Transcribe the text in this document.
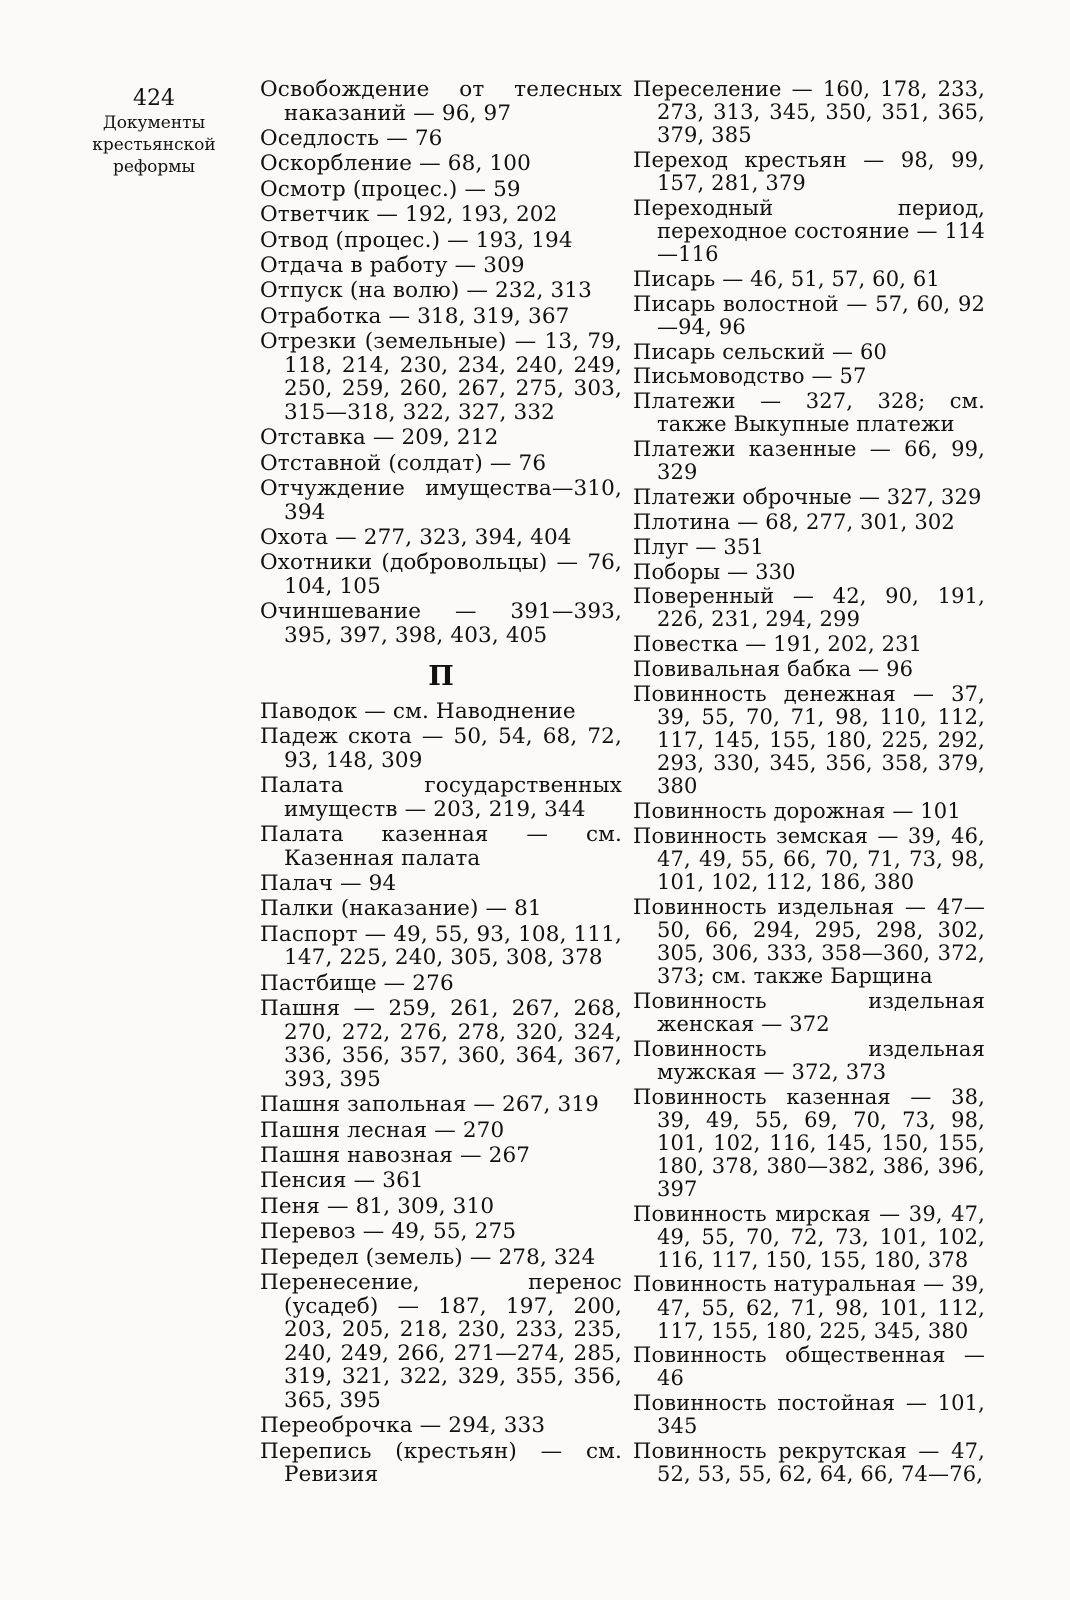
424
Документы
крестьянской
реформы
Освобождение от телесных наказаний — 96, 97
Оседлость — 76
Оскорбление — 68, 100
Осмотр (процес.) — 59
Ответчик — 192, 193, 202
Отвод (процес.) — 193, 194
Отдача в работу — 309
Отпуск (на волю) — 232, 313
Отработка — 318, 319, 367
Отрезки (земельные) — 13, 79, 118, 214, 230, 234, 240, 249, 250, 259, 260, 267, 275, 303, 315—318, 322, 327, 332
Отставка — 209, 212
Отставной (солдат) — 76
Отчуждение имущества—310, 394
Охота — 277, 323, 394, 404
Охотники (добровольцы) — 76, 104, 105
Очиншевание — 391—393, 395, 397, 398, 403, 405
П
Паводок — см. Наводнение
Падеж скота — 50, 54, 68, 72, 93, 148, 309
Палата государственных имуществ — 203, 219, 344
Палата казенная — см. Казенная палата
Палач — 94
Палки (наказание) — 81
Паспорт — 49, 55, 93, 108, 111, 147, 225, 240, 305, 308, 378
Пастбище — 276
Пашня — 259, 261, 267, 268, 270, 272, 276, 278, 320, 324, 336, 356, 357, 360, 364, 367, 393, 395
Пашня запольная — 267, 319
Пашня лесная — 270
Пашня навозная — 267
Пенсия — 361
Пеня — 81, 309, 310
Перевоз — 49, 55, 275
Передел (земель) — 278, 324
Перенесение, перенос (усадеб) — 187, 197, 200, 203, 205, 218, 230, 233, 235, 240, 249, 266, 271—274, 285, 319, 321, 322, 329, 355, 356, 365, 395
Переоброчка — 294, 333
Перепись (крестьян) — см. Ревизия
Переселение — 160, 178, 233, 273, 313, 345, 350, 351, 365, 379, 385
Переход крестьян — 98, 99, 157, 281, 379
Переходный период, переходное состояние — 114—116
Писарь — 46, 51, 57, 60, 61
Писарь волостной — 57, 60, 92—94, 96
Писарь сельский — 60
Письмоводство — 57
Платежи — 327, 328; см. также Выкупные платежи
Платежи казенные — 66, 99, 329
Платежи оброчные — 327, 329
Плотина — 68, 277, 301, 302
Плуг — 351
Поборы — 330
Поверенный — 42, 90, 191, 226, 231, 294, 299
Повестка — 191, 202, 231
Повивальная бабка — 96
Повинность денежная — 37, 39, 55, 70, 71, 98, 110, 112, 117, 145, 155, 180, 225, 292, 293, 330, 345, 356, 358, 379, 380
Повинность дорожная — 101
Повинность земская — 39, 46, 47, 49, 55, 66, 70, 71, 73, 98, 101, 102, 112, 186, 380
Повинность издельная — 47—50, 66, 294, 295, 298, 302, 305, 306, 333, 358—360, 372, 373; см. также Барщина
Повинность издельная женская — 372
Повинность издельная мужская — 372, 373
Повинность казенная — 38, 39, 49, 55, 69, 70, 73, 98, 101, 102, 116, 145, 150, 155, 180, 378, 380—382, 386, 396, 397
Повинность мирская — 39, 47, 49, 55, 70, 72, 73, 101, 102, 116, 117, 150, 155, 180, 378
Повинность натуральная — 39, 47, 55, 62, 71, 98, 101, 112, 117, 155, 180, 225, 345, 380
Повинность общественная — 46
Повинность постойная — 101, 345
Повинность рекрутская — 47, 52, 53, 55, 62, 64, 66, 74—76,
